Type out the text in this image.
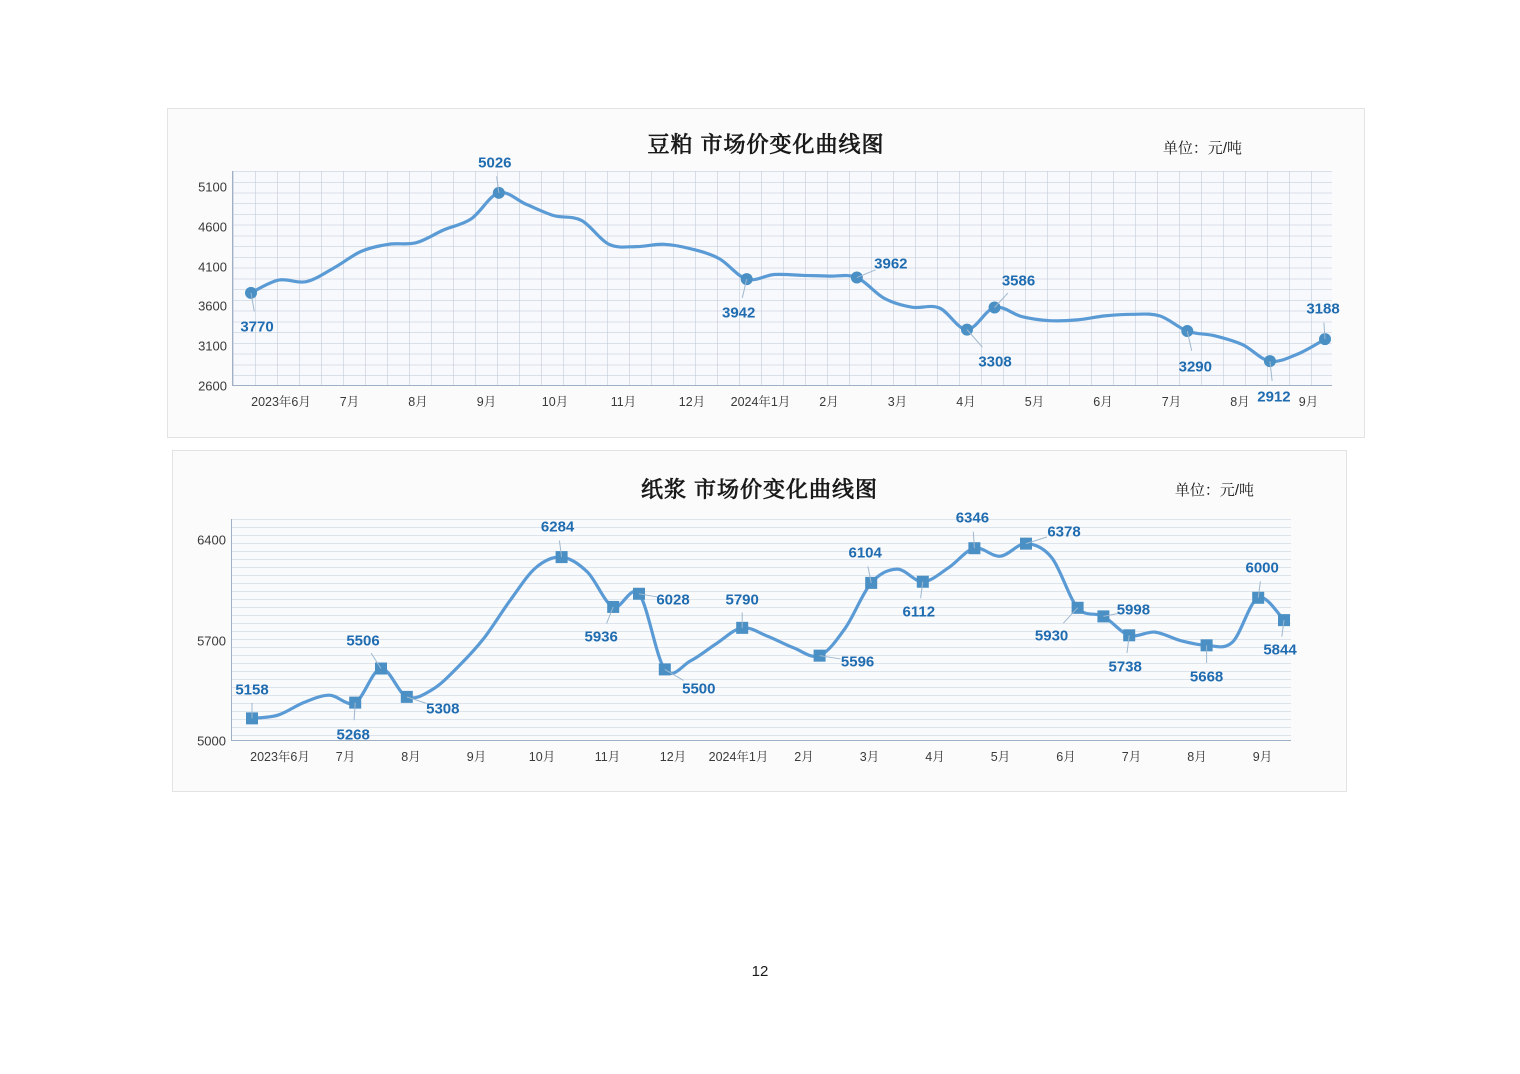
豆粕 市场价变化曲线图	单位：元/吨
5100
4600
4100
3600
3100
2600
2023年6月 7月	8月	9月	10月	11月	12月 2024年1月 2月	3月	4月	5月	6月	7月	8月	9月
3770
5026
3942
3962
3308
3586
3290
2912
3188
纸浆 市场价变化曲线图	单位：元/吨
6400
5700
5000
2023年6月 7月	8月	9月	10月	11月	12月 2024年1月 2月	3月	4月	5月	6月	7月	8月	9月
5158
5268
5506
5308
6284
5936
6028
5500
5790
5596
6104
6112
6346
6378
5930
5998
5738
5668
6000
5844
12
